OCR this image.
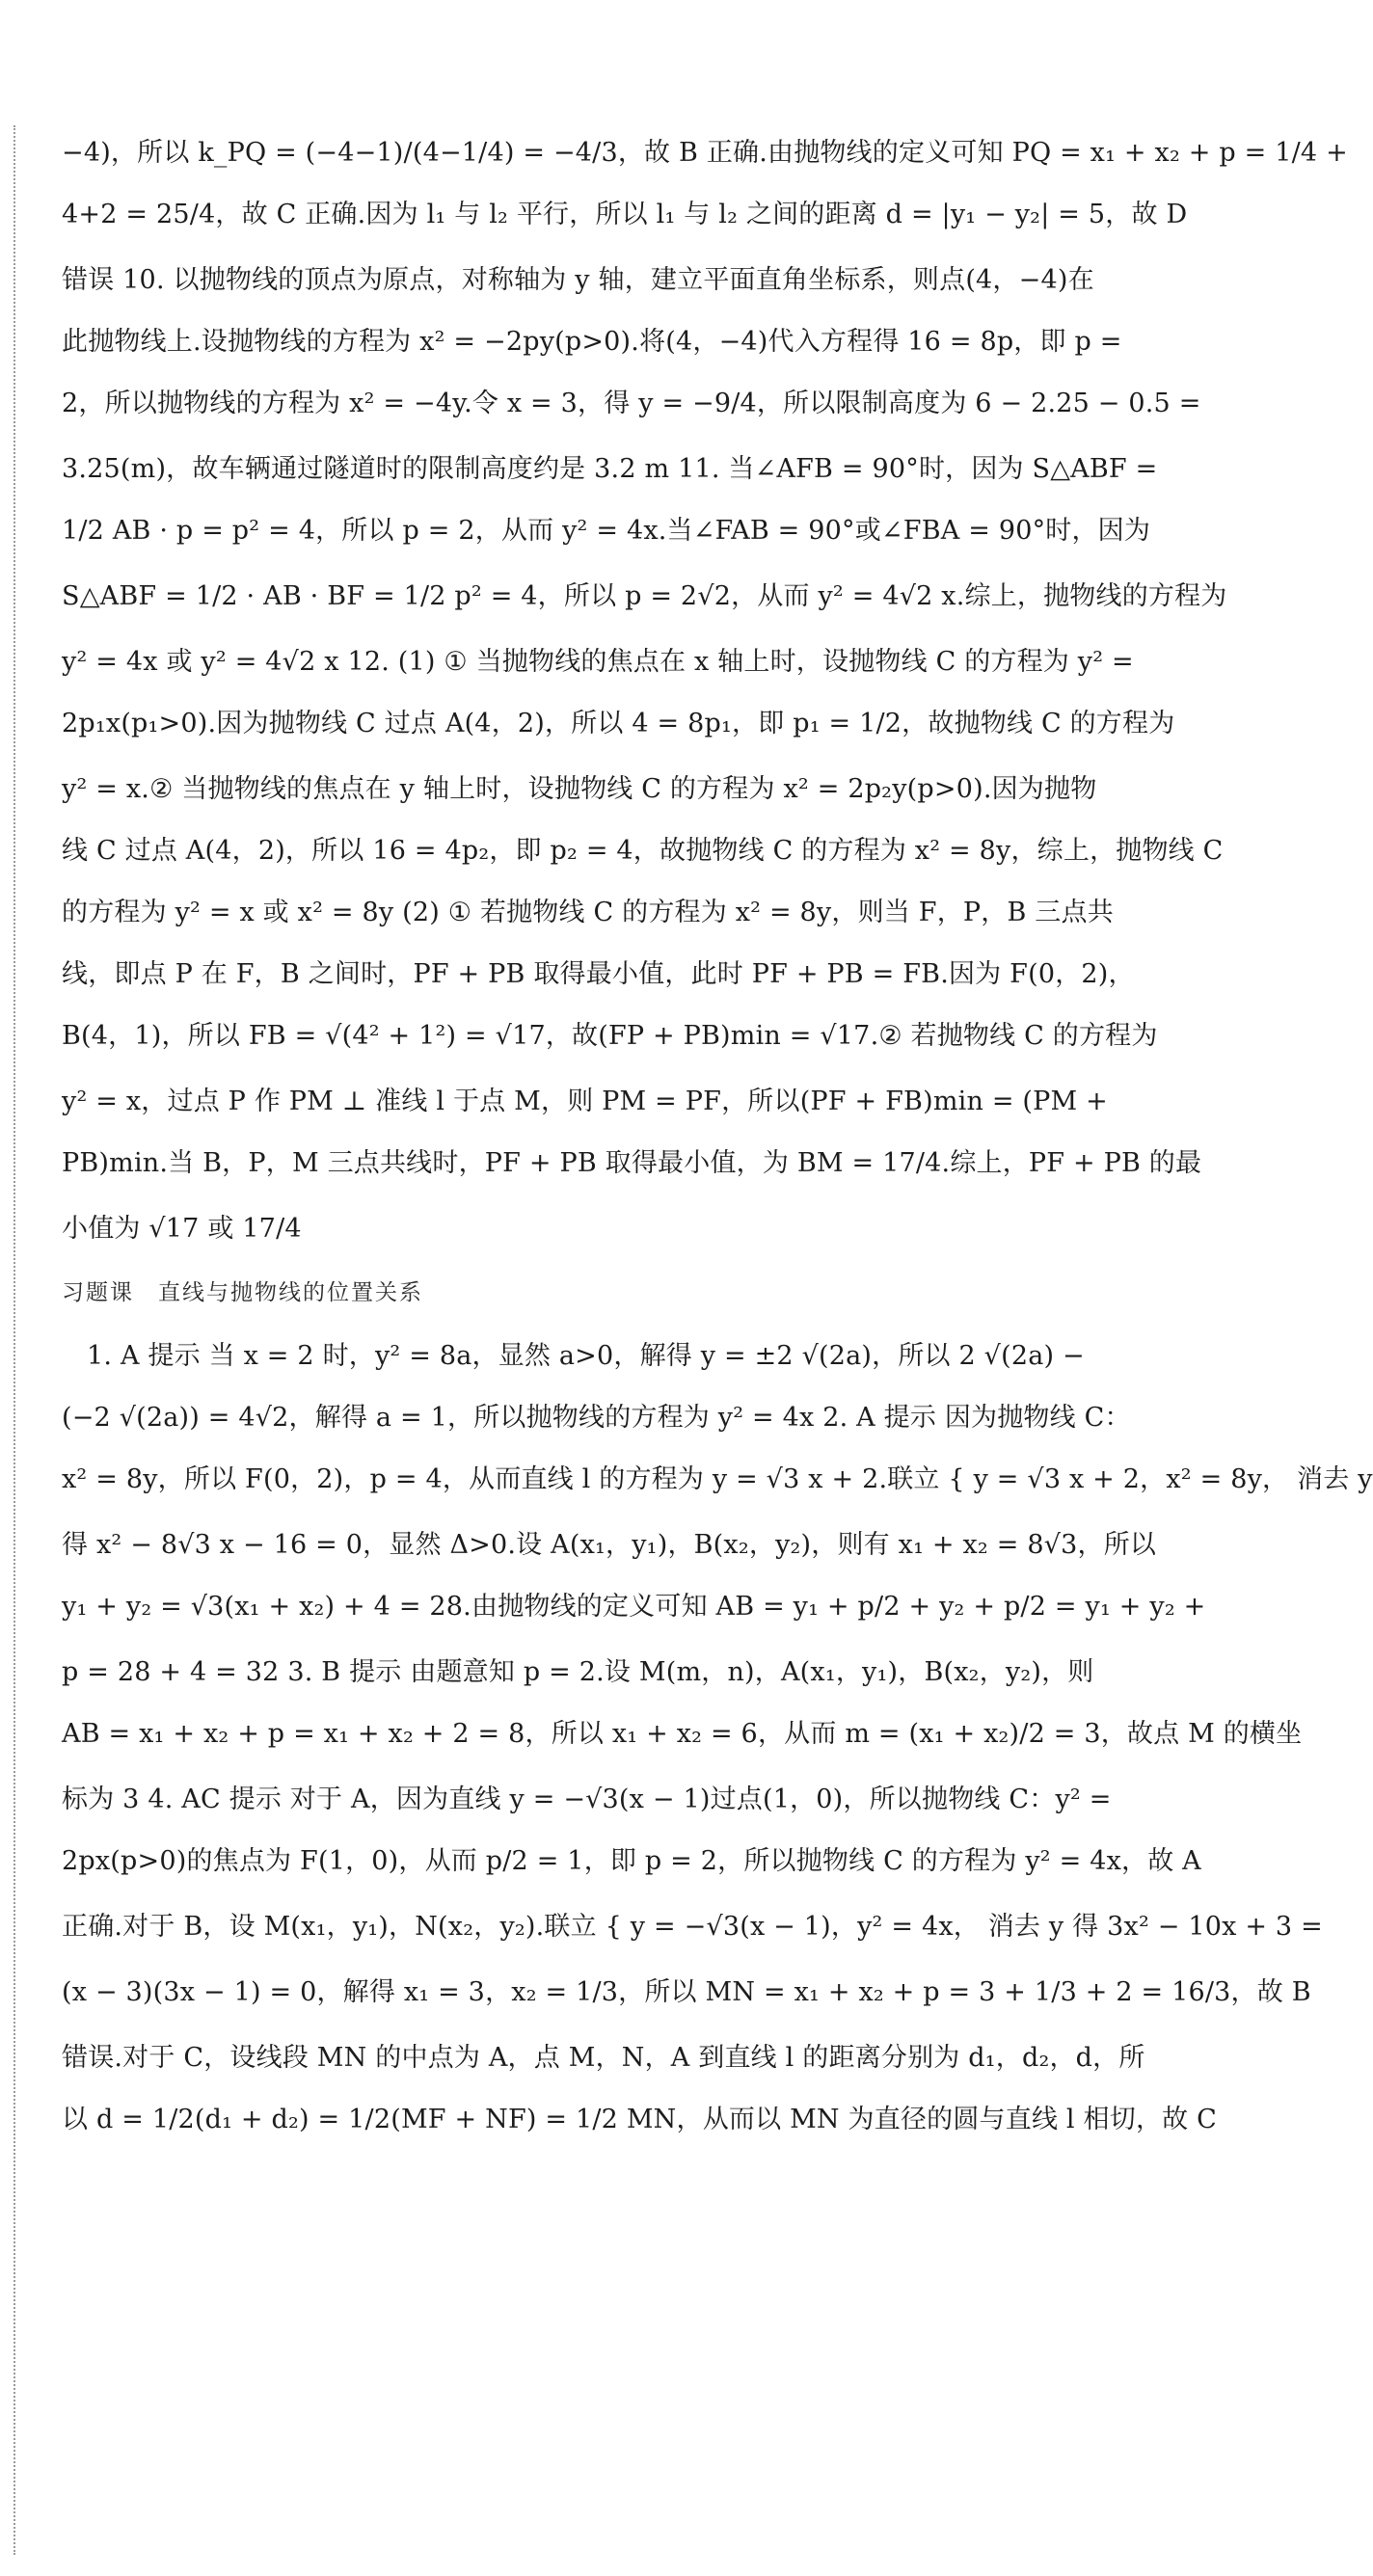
−4)，所以 k_PQ = (−4−1)/(4−1/4) = −4/3，故 B 正确.由抛物线的定义可知 PQ = x₁ + x₂ + p = 1/4 +
4+2 = 25/4，故 C 正确.因为 l₁ 与 l₂ 平行，所以 l₁ 与 l₂ 之间的距离 d = |y₁ − y₂| = 5，故 D
错误 10. 以抛物线的顶点为原点，对称轴为 y 轴，建立平面直角坐标系，则点(4，−4)在
此抛物线上.设抛物线的方程为 x² = −2py(p>0).将(4，−4)代入方程得 16 = 8p，即 p =
2，所以抛物线的方程为 x² = −4y.令 x = 3，得 y = −9/4，所以限制高度为 6 − 2.25 − 0.5 =
3.25(m)，故车辆通过隧道时的限制高度约是 3.2 m 11. 当∠AFB = 90°时，因为 S△ABF =
1/2 AB · p = p² = 4，所以 p = 2，从而 y² = 4x.当∠FAB = 90°或∠FBA = 90°时，因为
S△ABF = 1/2 · AB · BF = 1/2 p² = 4，所以 p = 2√2，从而 y² = 4√2 x.综上，抛物线的方程为
y² = 4x 或 y² = 4√2 x 12. (1) ① 当抛物线的焦点在 x 轴上时，设抛物线 C 的方程为 y² =
2p₁x(p₁>0).因为抛物线 C 过点 A(4，2)，所以 4 = 8p₁，即 p₁ = 1/2，故抛物线 C 的方程为
y² = x.② 当抛物线的焦点在 y 轴上时，设抛物线 C 的方程为 x² = 2p₂y(p>0).因为抛物
线 C 过点 A(4，2)，所以 16 = 4p₂，即 p₂ = 4，故抛物线 C 的方程为 x² = 8y，综上，抛物线 C
的方程为 y² = x 或 x² = 8y (2) ① 若抛物线 C 的方程为 x² = 8y，则当 F，P，B 三点共
线，即点 P 在 F，B 之间时，PF + PB 取得最小值，此时 PF + PB = FB.因为 F(0，2)，
B(4，1)，所以 FB = √(4² + 1²) = √17，故(FP + PB)min = √17.② 若抛物线 C 的方程为
y² = x，过点 P 作 PM ⊥ 准线 l 于点 M，则 PM = PF，所以(PF + FB)min = (PM +
PB)min.当 B，P，M 三点共线时，PF + PB 取得最小值，为 BM = 17/4.综上，PF + PB 的最
小值为 √17 或 17/4
习题课　直线与抛物线的位置关系
1. A 提示 当 x = 2 时，y² = 8a，显然 a>0，解得 y = ±2 √(2a)，所以 2 √(2a) −
(−2 √(2a)) = 4√2，解得 a = 1，所以抛物线的方程为 y² = 4x 2. A 提示 因为抛物线 C：
x² = 8y，所以 F(0，2)，p = 4，从而直线 l 的方程为 y = √3 x + 2.联立 { y = √3 x + 2，x² = 8y， 消去 y
得 x² − 8√3 x − 16 = 0，显然 Δ>0.设 A(x₁，y₁)，B(x₂，y₂)，则有 x₁ + x₂ = 8√3，所以
y₁ + y₂ = √3(x₁ + x₂) + 4 = 28.由抛物线的定义可知 AB = y₁ + p/2 + y₂ + p/2 = y₁ + y₂ +
p = 28 + 4 = 32 3. B 提示 由题意知 p = 2.设 M(m，n)，A(x₁，y₁)，B(x₂，y₂)，则
AB = x₁ + x₂ + p = x₁ + x₂ + 2 = 8，所以 x₁ + x₂ = 6，从而 m = (x₁ + x₂)/2 = 3，故点 M 的横坐
标为 3 4. AC 提示 对于 A，因为直线 y = −√3(x − 1)过点(1，0)，所以抛物线 C：y² =
2px(p>0)的焦点为 F(1，0)，从而 p/2 = 1，即 p = 2，所以抛物线 C 的方程为 y² = 4x，故 A
正确.对于 B，设 M(x₁，y₁)，N(x₂，y₂).联立 { y = −√3(x − 1)，y² = 4x， 消去 y 得 3x² − 10x + 3 =
(x − 3)(3x − 1) = 0，解得 x₁ = 3，x₂ = 1/3，所以 MN = x₁ + x₂ + p = 3 + 1/3 + 2 = 16/3，故 B
错误.对于 C，设线段 MN 的中点为 A，点 M，N，A 到直线 l 的距离分别为 d₁，d₂，d，所
以 d = 1/2(d₁ + d₂) = 1/2(MF + NF) = 1/2 MN，从而以 MN 为直径的圆与直线 l 相切，故 C
